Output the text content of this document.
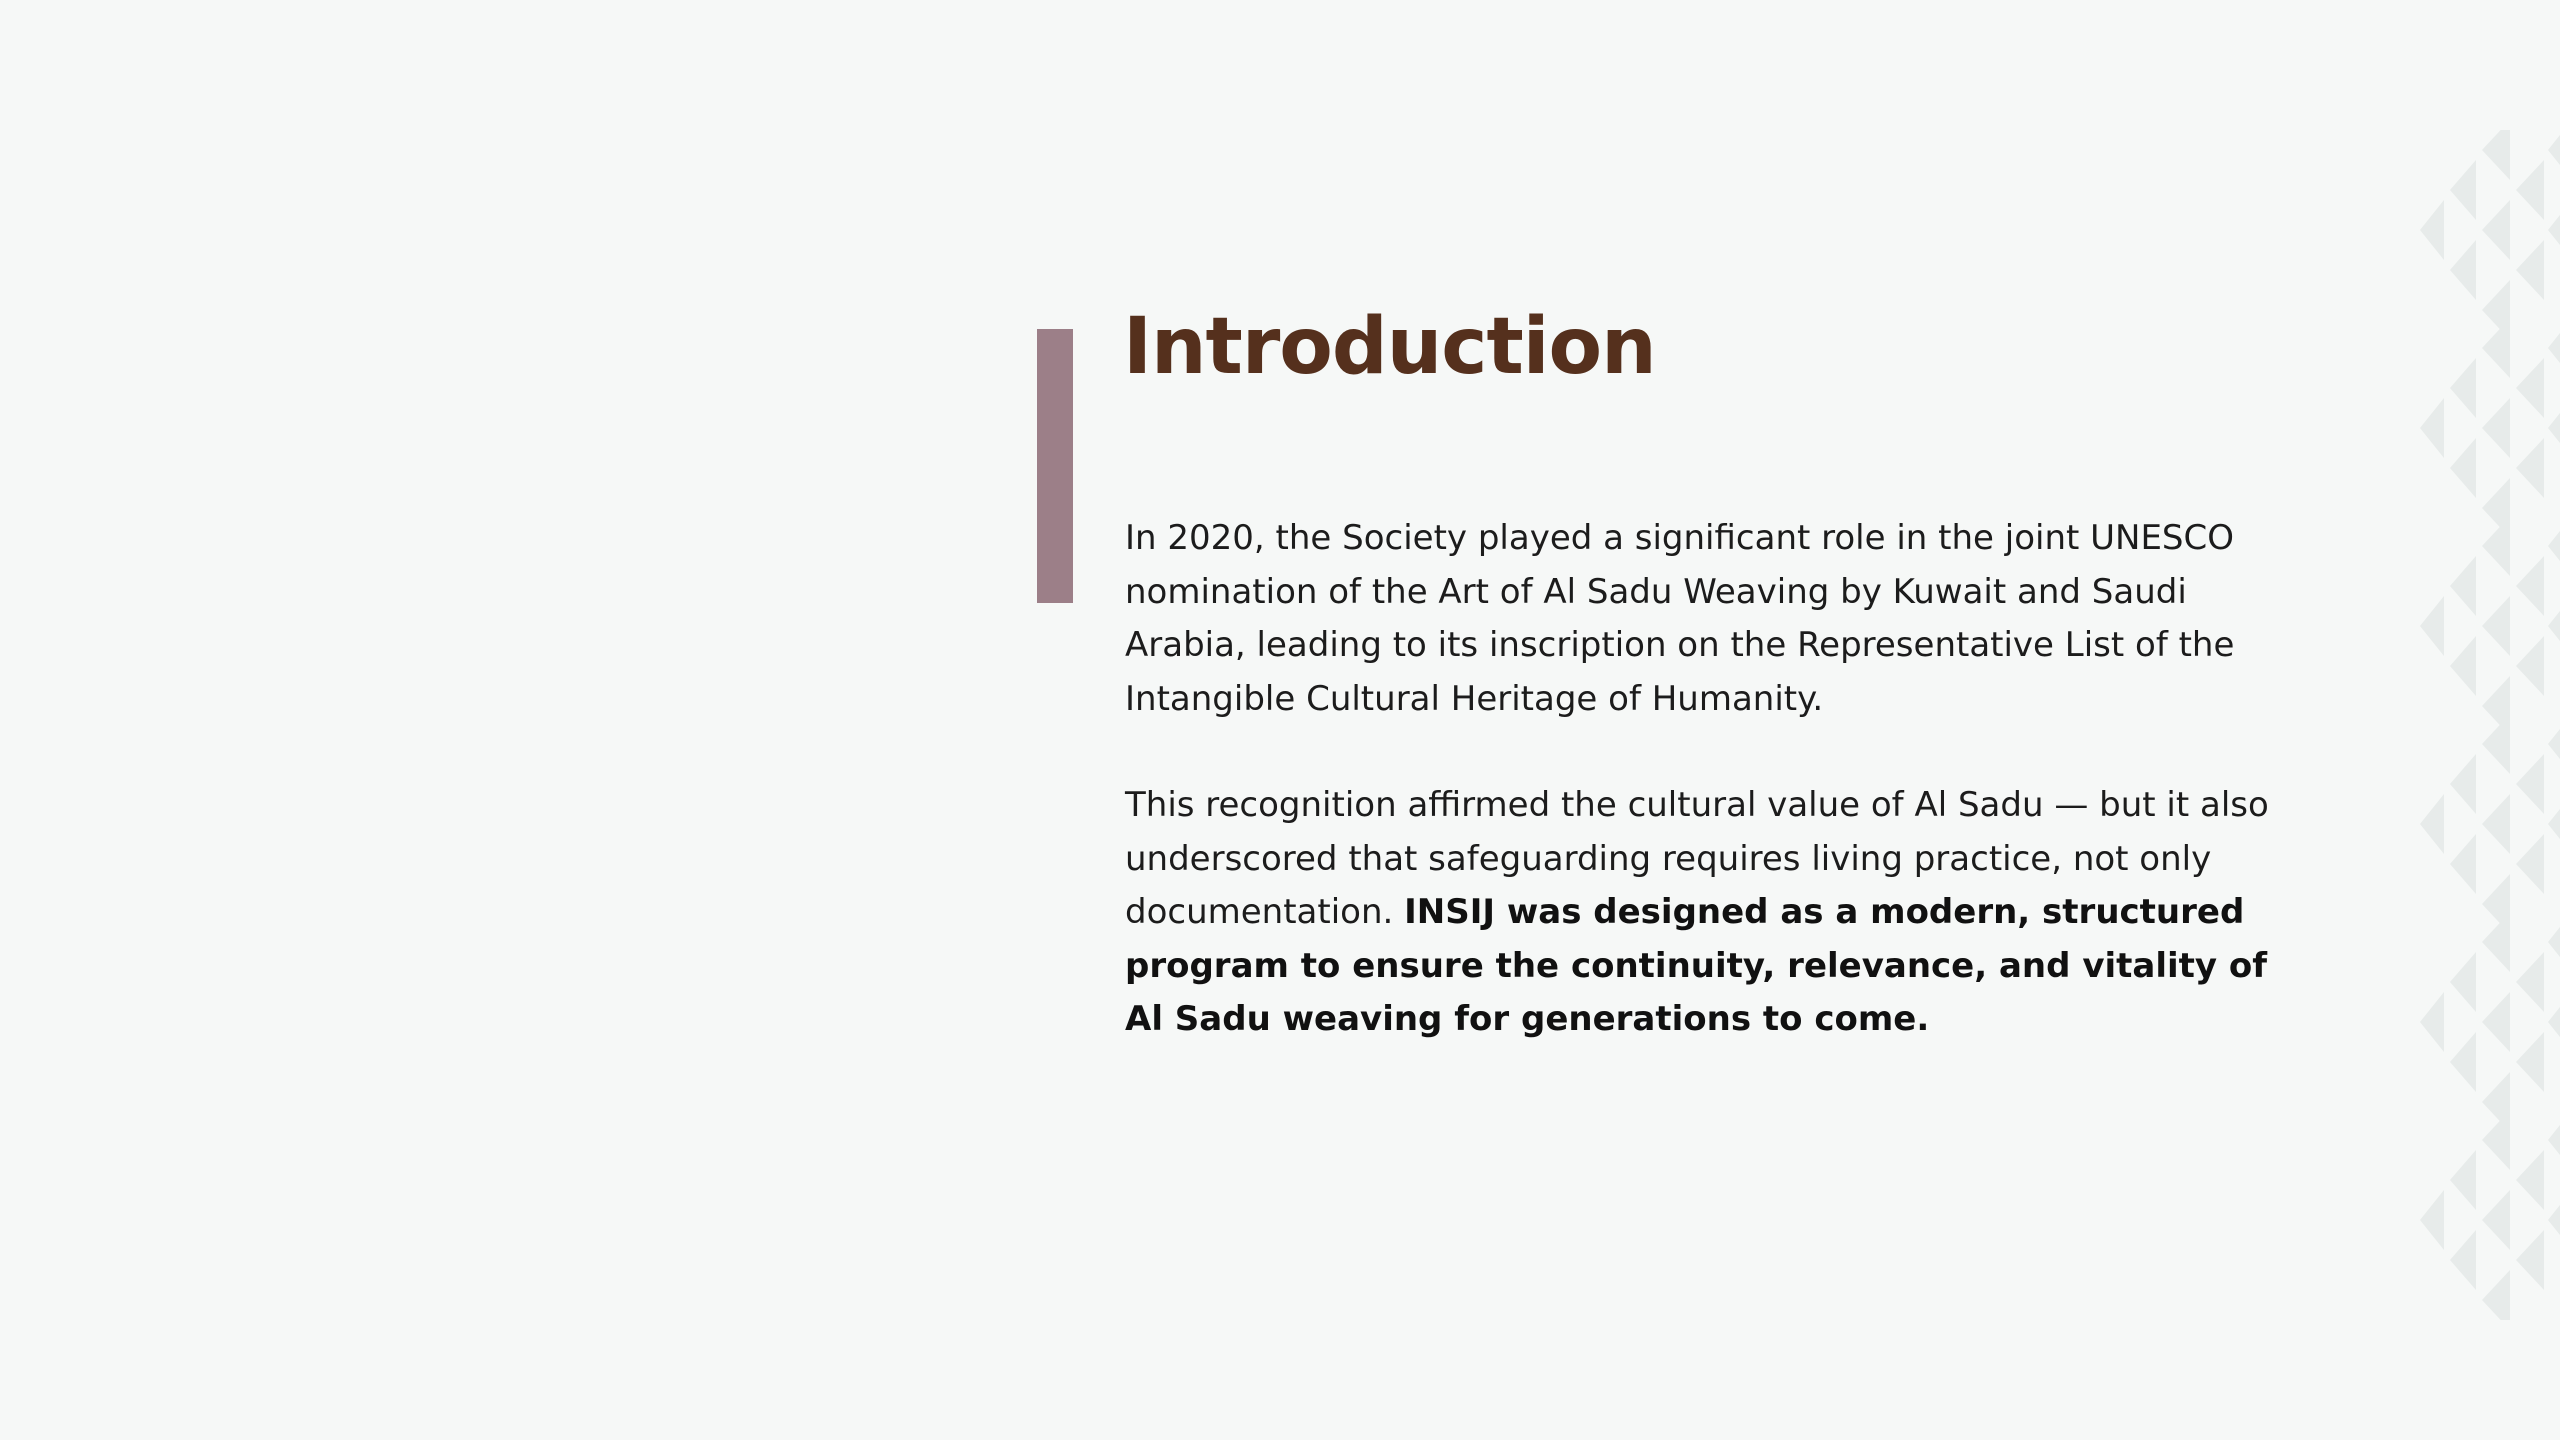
Introduction

In 2020, the Society played a significant role in the joint UNESCO nomination of the Art of Al Sadu Weaving by Kuwait and Saudi Arabia, leading to its inscription on the Representative List of the Intangible Cultural Heritage of Humanity.

This recognition affirmed the cultural value of Al Sadu — but it also underscored that safeguarding requires living practice, not only documentation. INSIJ was designed as a modern, structured program to ensure the continuity, relevance, and vitality of Al Sadu weaving for generations to come.
